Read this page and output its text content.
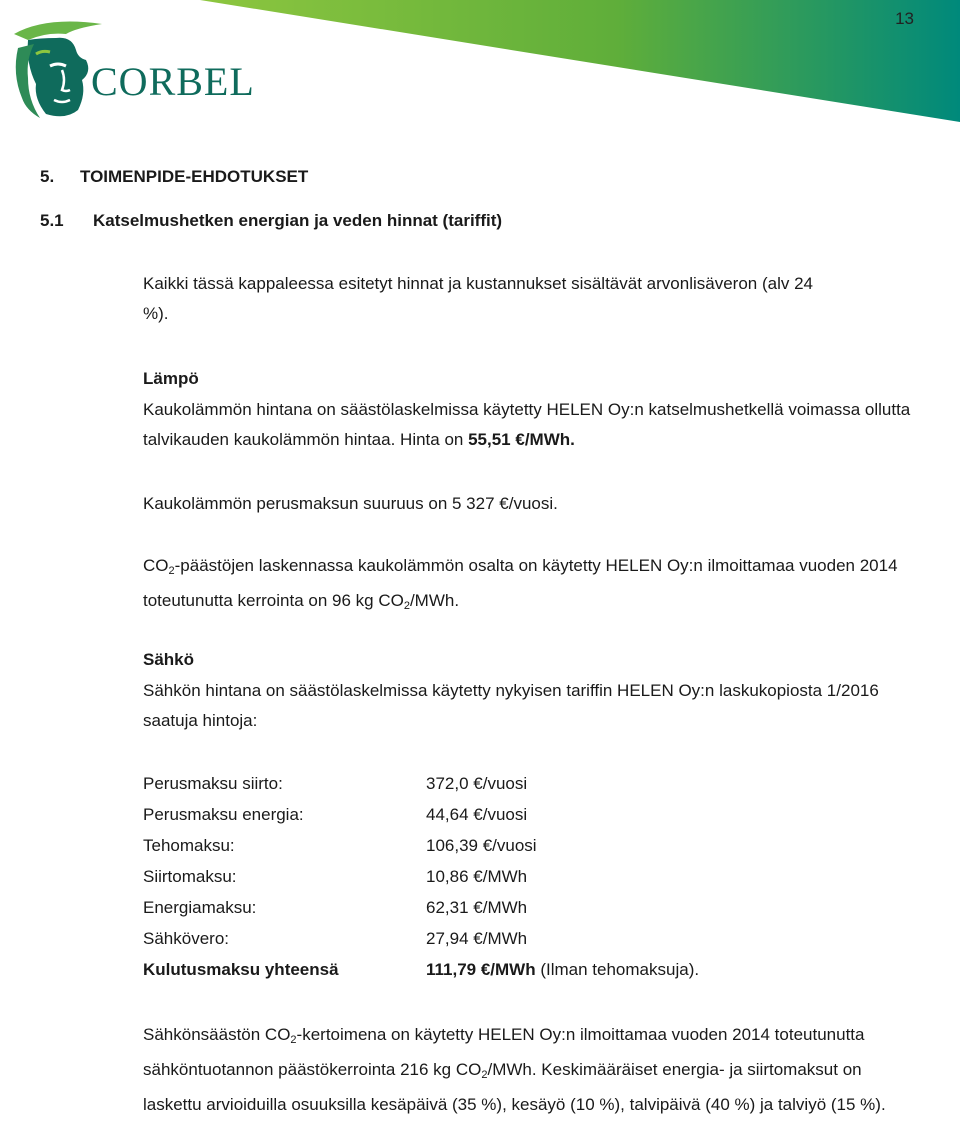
13
CORBEL
5. TOIMENPIDE-EHDOTUKSET
5.1 Katselmushetken energian ja veden hinnat (tariffit)
Kaikki tässä kappaleessa esitetyt hinnat ja kustannukset sisältävät arvonlisäveron (alv 24 %).
Lämpö
Kaukolämmön hintana on säästölaskelmissa käytetty HELEN Oy:n katselmushetkellä voimassa ollutta talvikauden kaukolämmön hintaa. Hinta on 55,51 €/MWh.
Kaukolämmön perusmaksun suuruus on 5 327 €/vuosi.
$CO_2$-päästöjen laskennassa kaukolämmön osalta on käytetty HELEN Oy:n ilmoittamaa vuoden 2014 toteutunutta kerrointa on 96 kg $CO_2$/MWh.
Sähkö
Sähkön hintana on säästölaskelmissa käytetty nykyisen tariffin HELEN Oy:n laskukopiosta 1/2016 saatuja hintoja:
Perusmaksu siirto:	372,0 €/vuosi
Perusmaksu energia:	44,64 €/vuosi
Tehomaksu:	106,39 €/vuosi
Siirtomaksu:	10,86 €/MWh
Energiamaksu:	62,31 €/MWh
Sähkövero:	27,94 €/MWh
Kulutusmaksu yhteensä	111,79 €/MWh (Ilman tehomaksuja).
Sähkönsäästön $CO_2$-kertoimena on käytetty HELEN Oy:n ilmoittamaa vuoden 2014 toteutunutta sähköntuotannon päästökerrointa 216 kg $CO_2$/MWh. Keskimääräiset energia- ja siirtomaksut on laskettu arvioiduilla osuuksilla kesäpäivä (35 %), kesäyö (10 %), talvipäivä (40 %) ja talviyö (15 %).
